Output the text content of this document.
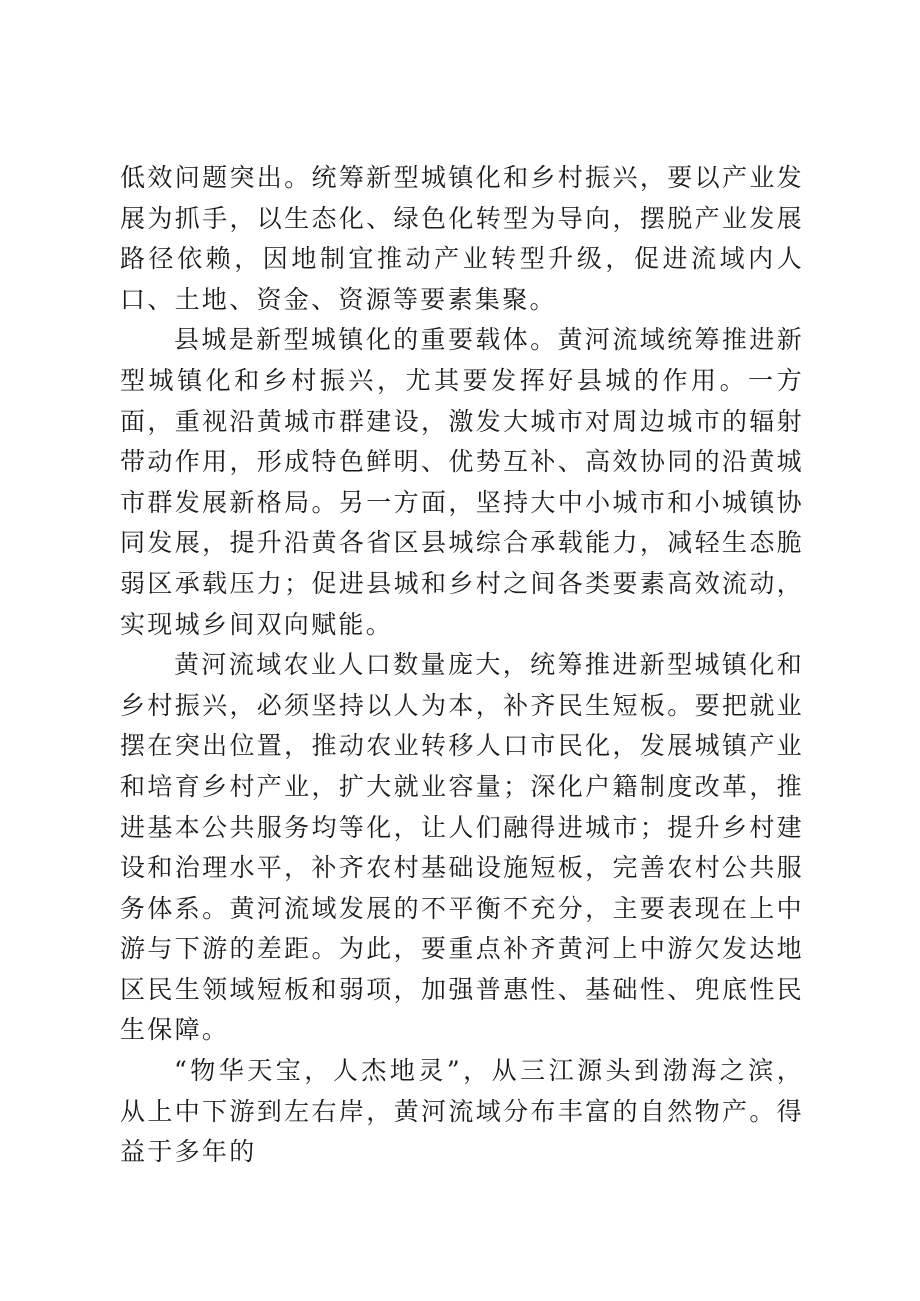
低效问题突出。统筹新型城镇化和乡村振兴，要以产业发展为抓手，以生态化、绿色化转型为导向，摆脱产业发展路径依赖，因地制宜推动产业转型升级，促进流域内人口、土地、资金、资源等要素集聚。

县城是新型城镇化的重要载体。黄河流域统筹推进新型城镇化和乡村振兴，尤其要发挥好县城的作用。一方面，重视沿黄城市群建设，激发大城市对周边城市的辐射带动作用，形成特色鲜明、优势互补、高效协同的沿黄城市群发展新格局。另一方面，坚持大中小城市和小城镇协同发展，提升沿黄各省区县城综合承载能力，减轻生态脆弱区承载压力；促进县城和乡村之间各类要素高效流动，实现城乡间双向赋能。

黄河流域农业人口数量庞大，统筹推进新型城镇化和乡村振兴，必须坚持以人为本，补齐民生短板。要把就业摆在突出位置，推动农业转移人口市民化，发展城镇产业和培育乡村产业，扩大就业容量；深化户籍制度改革，推进基本公共服务均等化，让人们融得进城市；提升乡村建设和治理水平，补齐农村基础设施短板，完善农村公共服务体系。黄河流域发展的不平衡不充分，主要表现在上中游与下游的差距。为此，要重点补齐黄河上中游欠发达地区民生领域短板和弱项，加强普惠性、基础性、兜底性民生保障。

“物华天宝，人杰地灵”，从三江源头到渤海之滨，从上中下游到左右岸，黄河流域分布丰富的自然物产。得益于多年的
